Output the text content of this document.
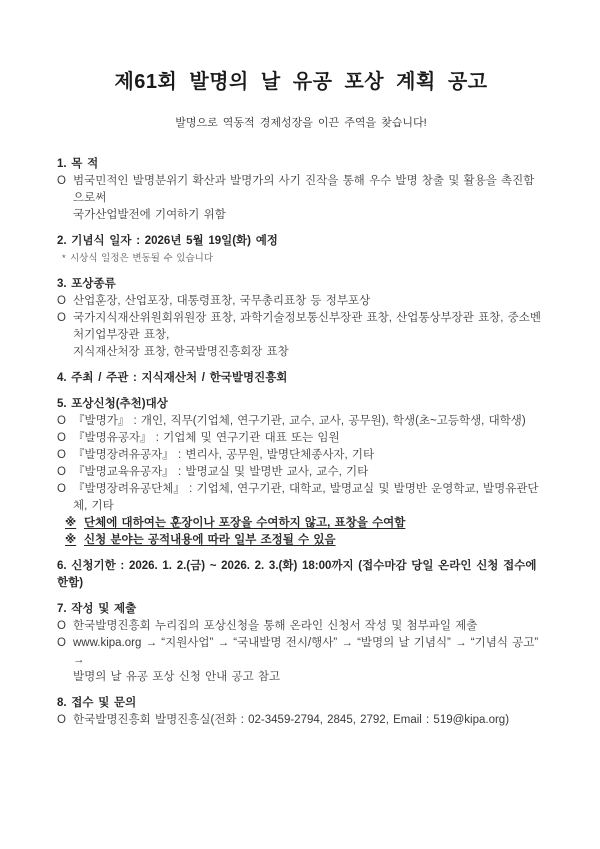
제61회 발명의 날 유공 포상 계획 공고

발명으로 역동적 경제성장을 이끈 주역을 찾습니다!

1. 목 적
O 범국민적인 발명분위기 확산과 발명가의 사기 진작을 통해 우수 발명 창출 및 활용을 촉진함으로써
국가산업발전에 기여하기 위함
2. 기념식 일자 : 2026년 5월 19일(화) 예정
* 시상식 일정은 변동될 수 있습니다
3. 포상종류
O 산업훈장, 산업포장, 대통령표창, 국무총리표창 등 정부포상
O 국가지식재산위원회위원장 표창, 과학기술정보통신부장관 표창, 산업통상부장관 표창, 중소벤처기업부장관 표창,
지식재산처장 표창, 한국발명진흥회장 표창
4. 주최 / 주관 : 지식재산처 / 한국발명진흥회
5. 포상신청(추천)대상
O 『발명가』 : 개인, 직무(기업체, 연구기관, 교수, 교사, 공무원), 학생(초~고등학생, 대학생)
O 『발명유공자』 : 기업체 및 연구기관 대표 또는 임원
O 『발명장려유공자』 : 변리사, 공무원, 발명단체종사자, 기타
O 『발명교육유공자』 : 발명교실 및 발명반 교사, 교수, 기타
O 『발명장려유공단체』 : 기업체, 연구기관, 대학교, 발명교실 및 발명반 운영학교, 발명유관단체, 기타
※ 단체에 대하여는 훈장이나 포장을 수여하지 않고, 표창을 수여함
※ 신청 분야는 공적내용에 따라 일부 조정될 수 있음
6. 신청기한 : 2026. 1. 2.(금) ~ 2026. 2. 3.(화) 18:00까지 (접수마감 당일 온라인 신청 접수에 한함)
7. 작성 및 제출
O 한국발명진흥회 누리집의 포상신청을 통해 온라인 신청서 작성 및 첨부파일 제출
O www.kipa.org → “지원사업” → “국내발명 전시/행사” → “발명의 날 기념식” → “기념식 공고” →
발명의 날 유공 포상 신청 안내 공고 참고
8. 접수 및 문의
O 한국발명진흥회 발명진흥실(전화 : 02-3459-2794, 2845, 2792, Email : 519@kipa.org)
